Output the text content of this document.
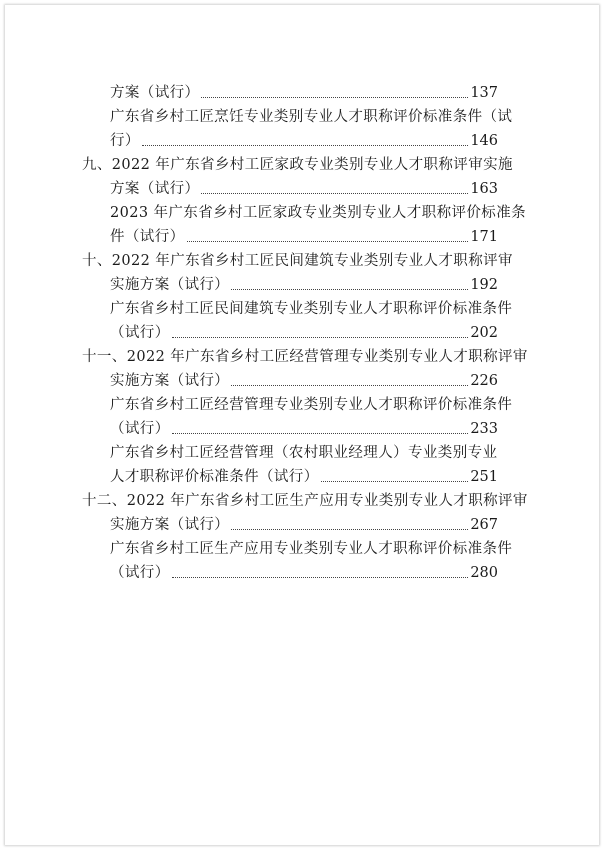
方案（试行）	137
广东省乡村工匠烹饪专业类别专业人才职称评价标准条件（试
行）	146
九、2022 年广东省乡村工匠家政专业类别专业人才职称评审实施
方案（试行）	163
2023 年广东省乡村工匠家政专业类别专业人才职称评价标准条
件（试行）	171
十、2022 年广东省乡村工匠民间建筑专业类别专业人才职称评审
实施方案（试行）	192
广东省乡村工匠民间建筑专业类别专业人才职称评价标准条件
（试行）	202
十一、2022 年广东省乡村工匠经营管理专业类别专业人才职称评审
实施方案（试行）	226
广东省乡村工匠经营管理专业类别专业人才职称评价标准条件
（试行）	233
广东省乡村工匠经营管理（农村职业经理人）专业类别专业
人才职称评价标准条件（试行）	251
十二、2022 年广东省乡村工匠生产应用专业类别专业人才职称评审
实施方案（试行）	267
广东省乡村工匠生产应用专业类别专业人才职称评价标准条件
（试行）	280
